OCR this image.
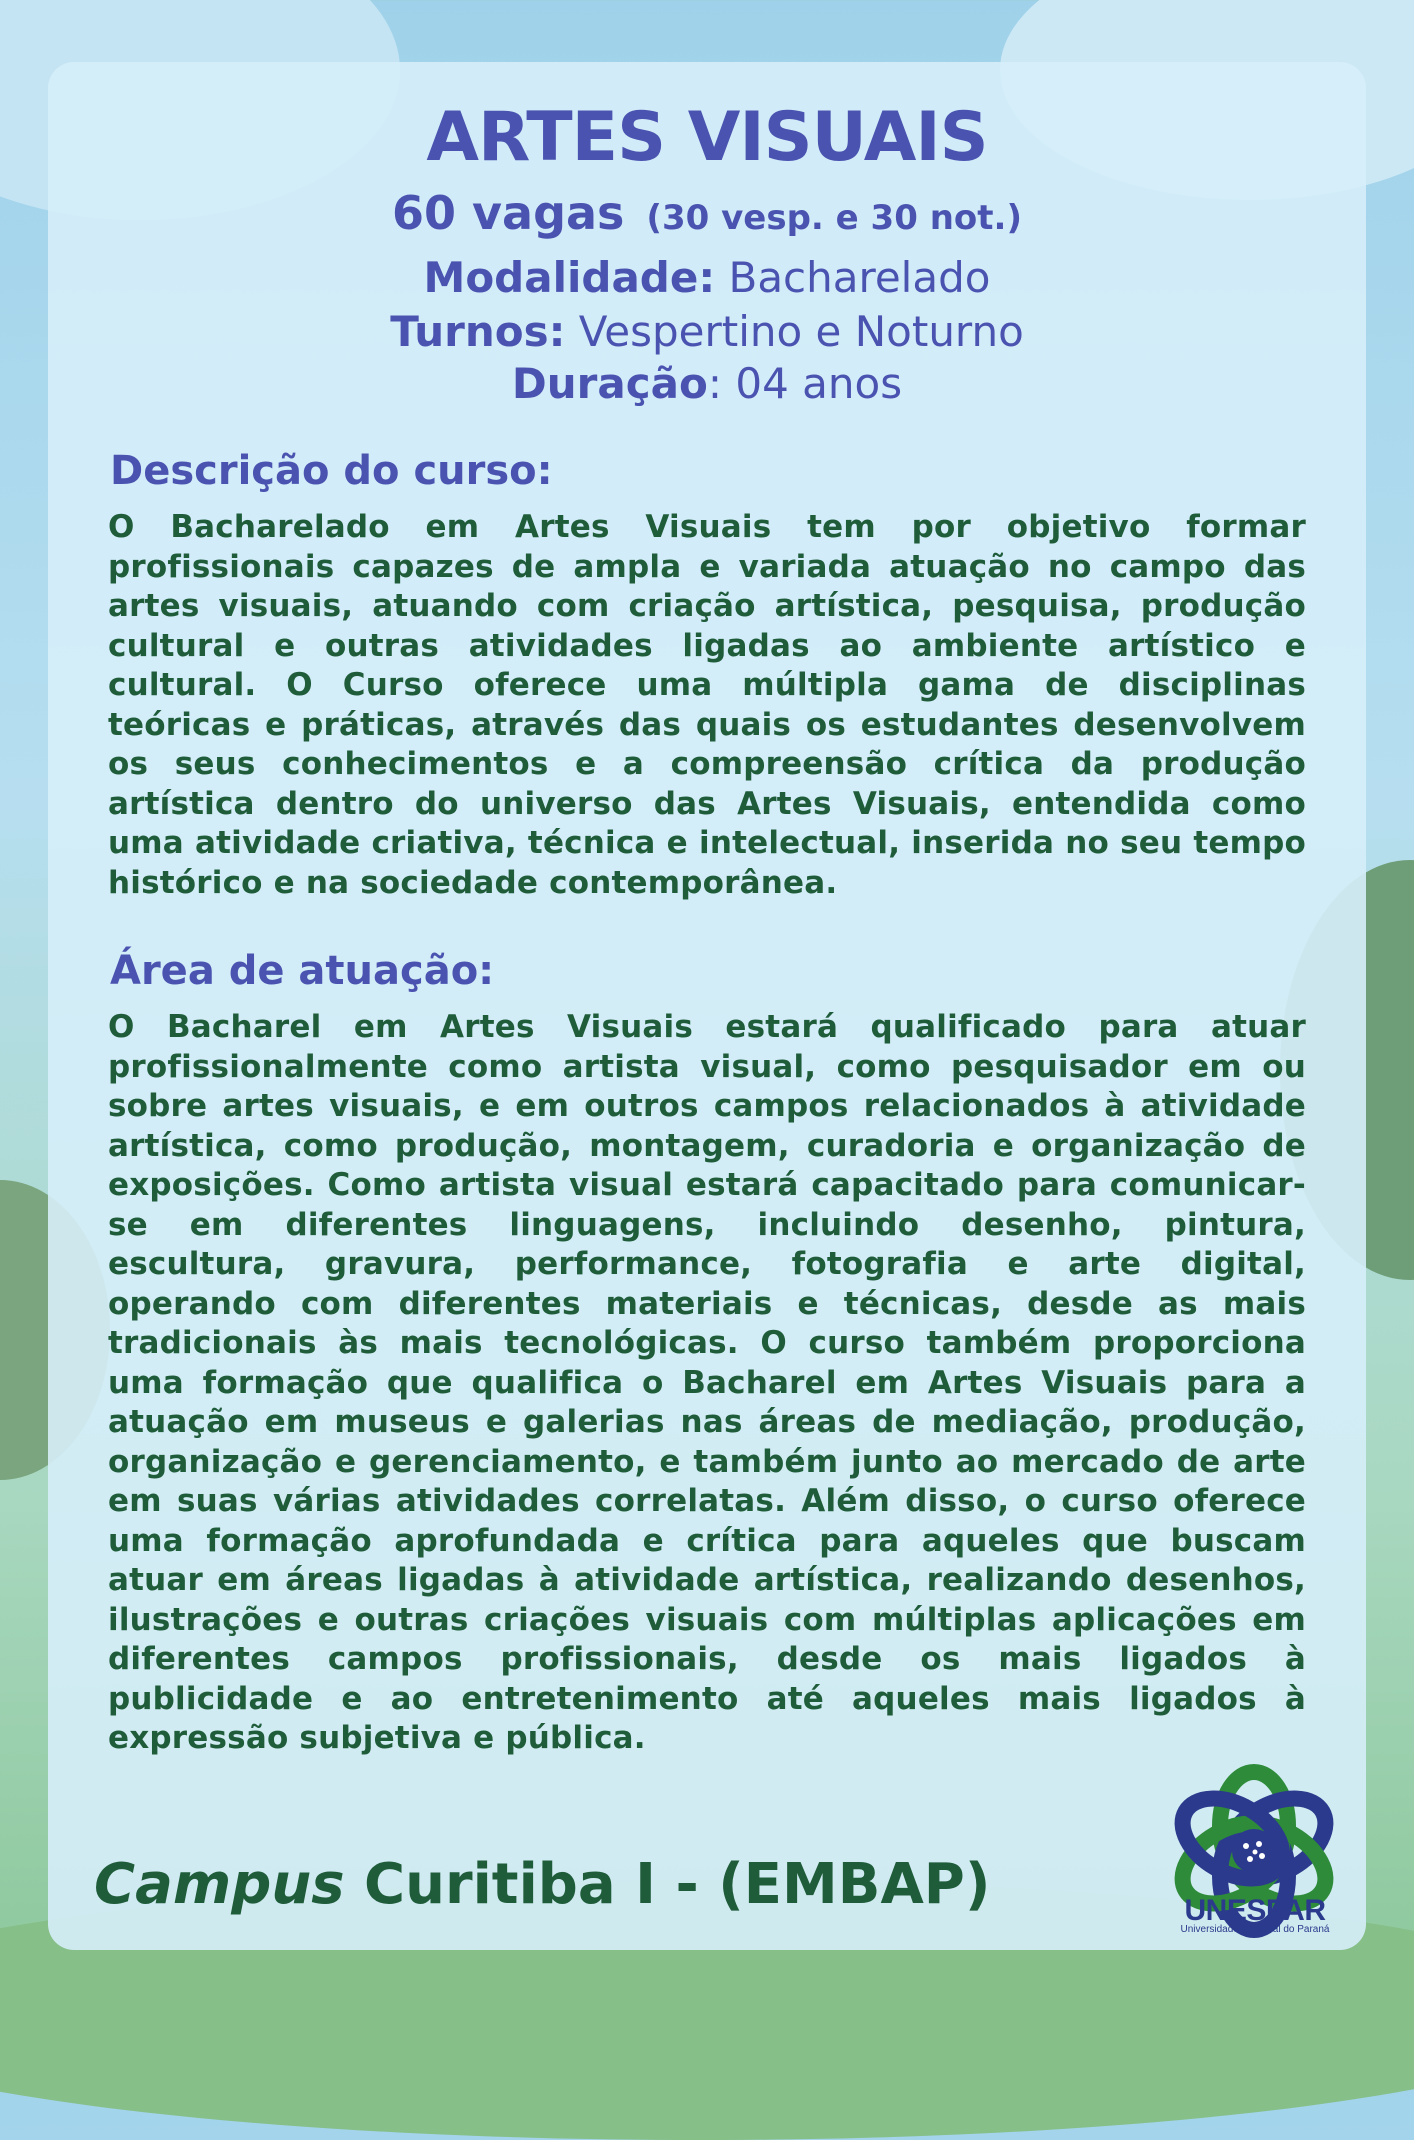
ARTES VISUAIS
60 vagas (30 vesp. e 30 not.)
Modalidade: Bacharelado
Turnos: Vespertino e Noturno
Duração: 04 anos
Descrição do curso:
O Bacharelado em Artes Visuais tem por objetivo formar profissionais capazes de ampla e variada atuação no campo das artes visuais, atuando com criação artística, pesquisa, produção cultural e outras atividades ligadas ao ambiente artístico e cultural. O Curso oferece uma múltipla gama de disciplinas teóricas e práticas, através das quais os estudantes desenvolvem os seus conhecimentos e a compreensão crítica da produção artística dentro do universo das Artes Visuais, entendida como uma atividade criativa, técnica e intelectual, inserida no seu tempo histórico e na sociedade contemporânea.
Área de atuação:
O Bacharel em Artes Visuais estará qualificado para atuar profissionalmente como artista visual, como pesquisador em ou sobre artes visuais, e em outros campos relacionados à atividade artística, como produção, montagem, curadoria e organização de exposições. Como artista visual estará capacitado para comunicar-se em diferentes linguagens, incluindo desenho, pintura, escultura, gravura, performance, fotografia e arte digital, operando com diferentes materiais e técnicas, desde as mais tradicionais às mais tecnológicas. O curso também proporciona uma formação que qualifica o Bacharel em Artes Visuais para a atuação em museus e galerias nas áreas de mediação, produção, organização e gerenciamento, e também junto ao mercado de arte em suas várias atividades correlatas. Além disso, o curso oferece uma formação aprofundada e crítica para aqueles que buscam atuar em áreas ligadas à atividade artística, realizando desenhos, ilustrações e outras criações visuais com múltiplas aplicações em diferentes campos profissionais, desde os mais ligados à publicidade e ao entretenimento até aqueles mais ligados à expressão subjetiva e pública.
Campus Curitiba I - (EMBAP)	UNESPAR
Universidade Estadual do Paraná
